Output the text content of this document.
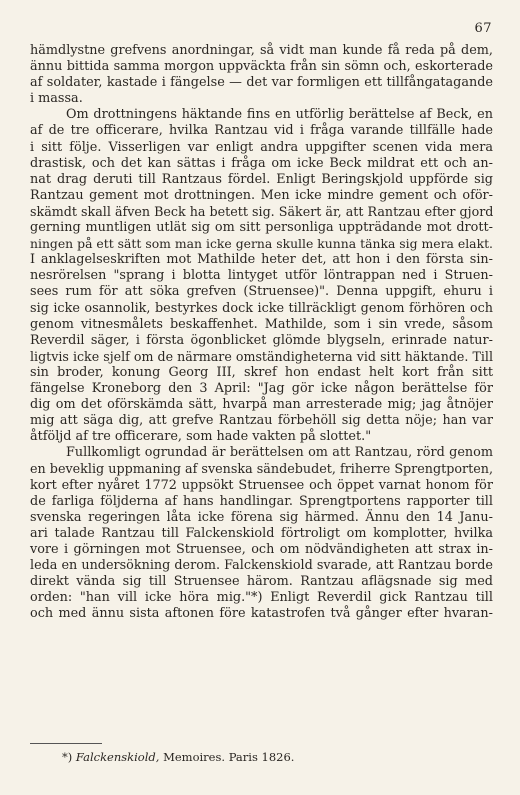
67
hämdlystne grefvens anordningar, så vidt man kunde få reda på dem,
ännu bittida samma morgon uppväckta från sin sömn och, eskorterade
af soldater, kastade i fängelse — det var formligen ett tillfångatagande
i massa.
Om drottningens häktande fins en utförlig berättelse af Beck, en
af de tre officerare, hvilka Rantzau vid i fråga varande tillfälle hade
i sitt följe. Visserligen var enligt andra uppgifter scenen vida mera
drastisk, och det kan sättas i fråga om icke Beck mildrat ett och an-
nat drag deruti till Rantzaus fördel. Enligt Beringskjold uppförde sig
Rantzau gement mot drottningen. Men icke mindre gement och oför-
skämdt skall äfven Beck ha betett sig. Säkert är, att Rantzau efter gjord
gerning muntligen utlät sig om sitt personliga uppträdande mot drott-
ningen på ett sätt som man icke gerna skulle kunna tänka sig mera elakt.
I anklagelseskriften mot Mathilde heter det, att hon i den första sin-
nesrörelsen "sprang i blotta lintyget utför löntrappan ned i Struen-
sees rum för att söka grefven (Struensee)". Denna uppgift, ehuru i
sig icke osannolik, bestyrkes dock icke tillräckligt genom förhören och
genom vitnesmålets beskaffenhet. Mathilde, som i sin vrede, såsom
Reverdil säger, i första ögonblicket glömde blygseln, erinrade natur-
ligtvis icke sjelf om de närmare omständigheterna vid sitt häktande. Till
sin broder, konung Georg III, skref hon endast helt kort från sitt
fängelse Kroneborg den 3 April: "Jag gör icke någon berättelse för
dig om det oförskämda sätt, hvarpå man arresterade mig; jag åtnöjer
mig att säga dig, att grefve Rantzau förbehöll sig detta nöje; han var
åtföljd af tre officerare, som hade vakten på slottet."
Fullkomligt ogrundad är berättelsen om att Rantzau, rörd genom
en beveklig uppmaning af svenska sändebudet, friherre Sprengtporten,
kort efter nyåret 1772 uppsökt Struensee och öppet varnat honom för
de farliga följderna af hans handlingar. Sprengtportens rapporter till
svenska regeringen låta icke förena sig härmed. Ännu den 14 Janu-
ari talade Rantzau till Falckenskiold förtroligt om komplotter, hvilka
vore i görningen mot Struensee, och om nödvändigheten att strax in-
leda en undersökning derom. Falckenskiold svarade, att Rantzau borde
direkt vända sig till Struensee härom. Rantzau aflägsnade sig med
orden: "han vill icke höra mig."*) Enligt Reverdil gick Rantzau till
och med ännu sista aftonen före katastrofen två gånger efter hvaran-
*) Falckenskiold, Memoires. Paris 1826.
